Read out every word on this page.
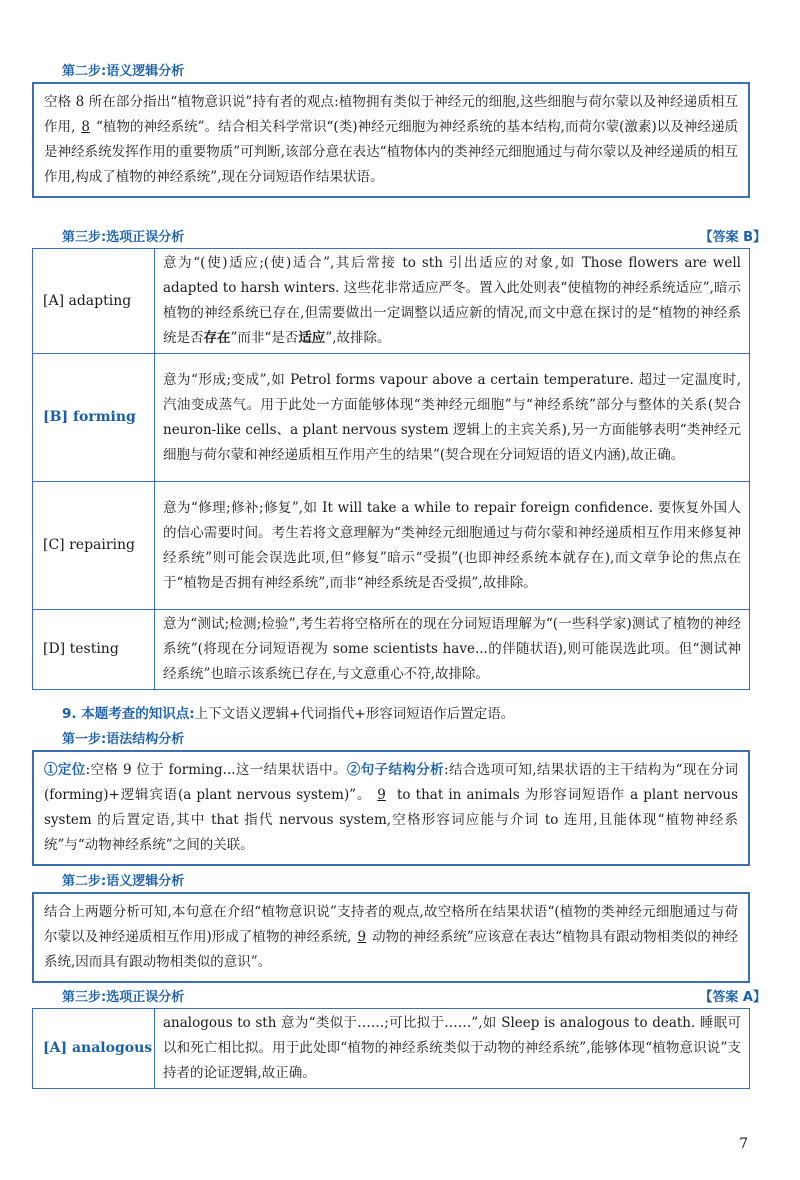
第二步:语义逻辑分析
空格 8 所在部分指出“植物意识说”持有者的观点:植物拥有类似于神经元的细胞,这些细胞与荷尔蒙以及神经递质相互作用, 8 “植物的神经系统”。结合相关科学常识“(类)神经元细胞为神经系统的基本结构,而荷尔蒙(激素)以及神经递质是神经系统发挥作用的重要物质”可判断,该部分意在表达“植物体内的类神经元细胞通过与荷尔蒙以及神经递质的相互作用,构成了植物的神经系统”,现在分词短语作结果状语。
第三步:选项正误分析	【答案 B】
[A] adapting	意为“(使)适应;(使)适合”,其后常接 to sth 引出适应的对象,如 Those flowers are well adapted to harsh winters. 这些花非常适应严冬。置入此处则表“使植物的神经系统适应”,暗示植物的神经系统已存在,但需要做出一定调整以适应新的情况,而文中意在探讨的是“植物的神经系统是否存在”而非“是否适应”,故排除。
[B] forming	意为“形成;变成”,如 Petrol forms vapour above a certain temperature. 超过一定温度时,汽油变成蒸气。用于此处一方面能够体现“类神经元细胞”与“神经系统”部分与整体的关系(契合 neuron-like cells、a plant nervous system 逻辑上的主宾关系),另一方面能够表明“类神经元细胞与荷尔蒙和神经递质相互作用产生的结果”(契合现在分词短语的语义内涵),故正确。
[C] repairing	意为“修理;修补;修复”,如 It will take a while to repair foreign confidence. 要恢复外国人的信心需要时间。考生若将文意理解为“类神经元细胞通过与荷尔蒙和神经递质相互作用来修复神经系统”则可能会误选此项,但“修复”暗示“受损”(也即神经系统本就存在),而文章争论的焦点在于“植物是否拥有神经系统”,而非“神经系统是否受损”,故排除。
[D] testing	意为“测试;检测;检验”,考生若将空格所在的现在分词短语理解为“(一些科学家)测试了植物的神经系统”(将现在分词短语视为 some scientists have...的伴随状语),则可能误选此项。但“测试神经系统”也暗示该系统已存在,与文意重心不符,故排除。
9. 本题考查的知识点:上下文语义逻辑+代词指代+形容词短语作后置定语。
第一步:语法结构分析
①定位:空格 9 位于 forming...这一结果状语中。②句子结构分析:结合选项可知,结果状语的主干结构为“现在分词(forming)+逻辑宾语(a plant nervous system)”。 9 to that in animals 为形容词短语作 a plant nervous system 的后置定语,其中 that 指代 nervous system,空格形容词应能与介词 to 连用,且能体现“植物神经系统”与“动物神经系统”之间的关联。
第二步:语义逻辑分析
结合上两题分析可知,本句意在介绍“植物意识说”支持者的观点,故空格所在结果状语“(植物的类神经元细胞通过与荷尔蒙以及神经递质相互作用)形成了植物的神经系统, 9 动物的神经系统”应该意在表达“植物具有跟动物相类似的神经系统,因而具有跟动物相类似的意识”。
第三步:选项正误分析	【答案 A】
[A] analogous	analogous to sth 意为“类似于……;可比拟于……”,如 Sleep is analogous to death. 睡眠可以和死亡相比拟。用于此处即“植物的神经系统类似于动物的神经系统”,能够体现“植物意识说”支持者的论证逻辑,故正确。
7
